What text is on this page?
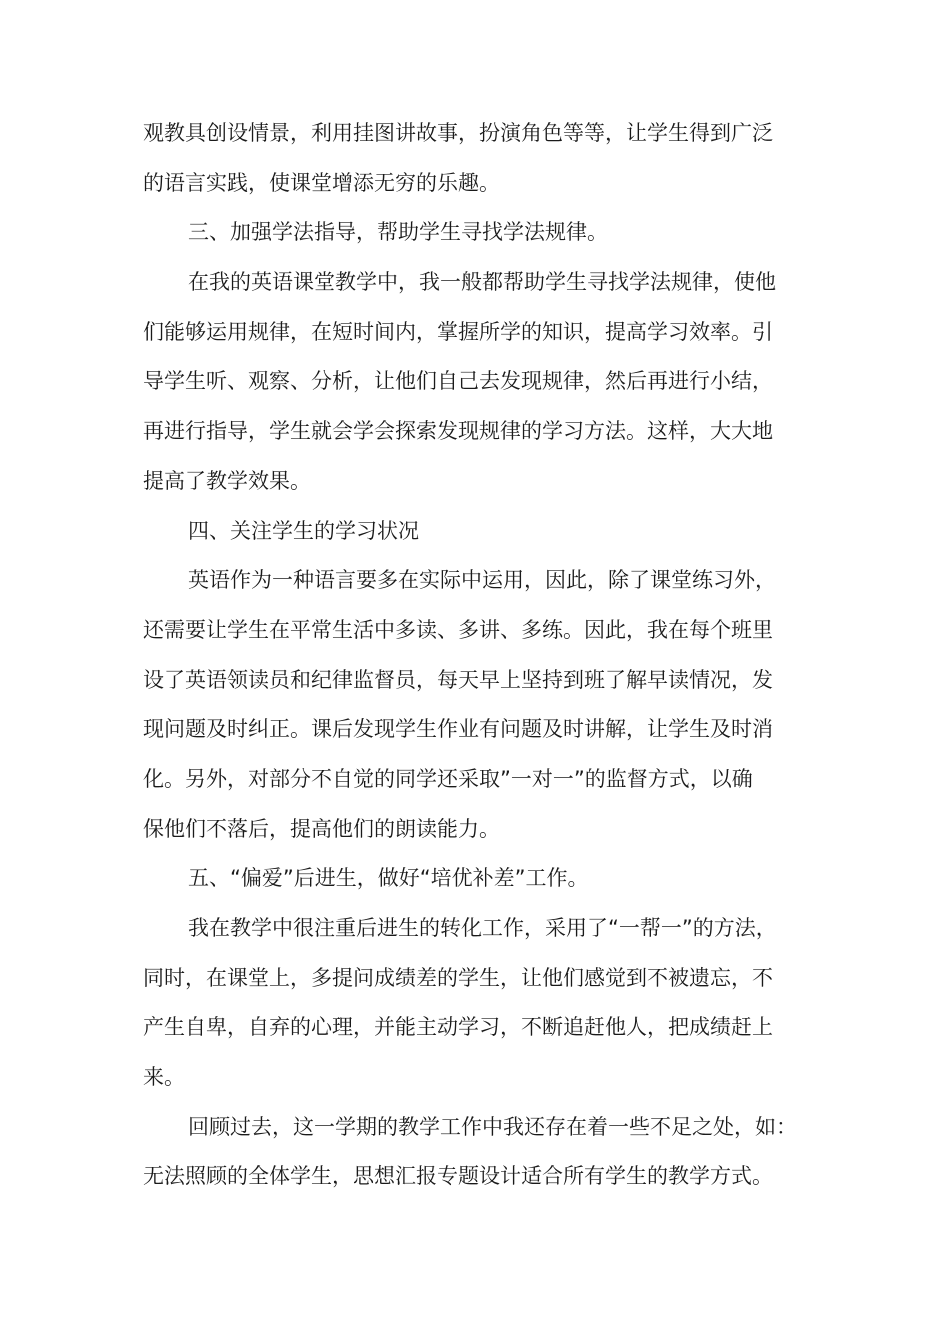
观教具创设情景，利用挂图讲故事，扮演角色等等，让学生得到广泛
的语言实践，使课堂增添无穷的乐趣。
三、加强学法指导，帮助学生寻找学法规律。
在我的英语课堂教学中，我一般都帮助学生寻找学法规律，使他
们能够运用规律，在短时间内，掌握所学的知识，提高学习效率。引
导学生听、观察、分析，让他们自己去发现规律，然后再进行小结，
再进行指导，学生就会学会探索发现规律的学习方法。这样，大大地
提高了教学效果。
四、关注学生的学习状况
英语作为一种语言要多在实际中运用，因此，除了课堂练习外，
还需要让学生在平常生活中多读、多讲、多练。因此，我在每个班里
设了英语领读员和纪律监督员，每天早上坚持到班了解早读情况，发
现问题及时纠正。课后发现学生作业有问题及时讲解，让学生及时消
化。另外，对部分不自觉的同学还采取”一对一”的监督方式，以确
保他们不落后，提高他们的朗读能力。
五、“偏爱”后进生，做好“培优补差”工作。
我在教学中很注重后进生的转化工作，采用了“一帮一”的方法，
同时，在课堂上，多提问成绩差的学生，让他们感觉到不被遗忘，不
产生自卑，自弃的心理，并能主动学习，不断追赶他人，把成绩赶上
来。
回顾过去，这一学期的教学工作中我还存在着一些不足之处，如：
无法照顾的全体学生，思想汇报专题设计适合所有学生的教学方式。
